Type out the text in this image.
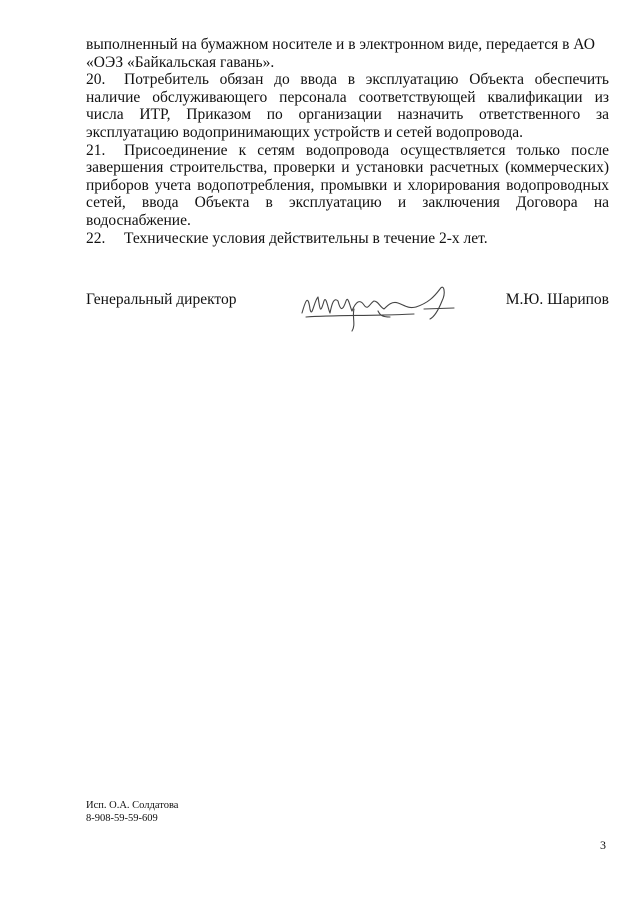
выполненный на бумажном носителе и в электронном виде, передается в АО
«ОЭЗ «Байкальская гавань».

20. Потребитель обязан до ввода в эксплуатацию Объекта обеспечить наличие обслуживающего персонала соответствующей квалификации из числа ИТР, Приказом по организации назначить ответственного за эксплуатацию водопринимающих устройств и сетей водопровода.

21. Присоединение к сетям водопровода осуществляется только после завершения строительства, проверки и установки расчетных (коммерческих) приборов учета водопотребления, промывки и хлорирования водопроводных сетей, ввода Объекта в эксплуатацию и заключения Договора на водоснабжение.

22. Технические условия действительны в течение 2-х лет.

Генеральный директор	М.Ю. Шарипов
Исп. О.А. Солдатова
8-908-59-59-609
3
